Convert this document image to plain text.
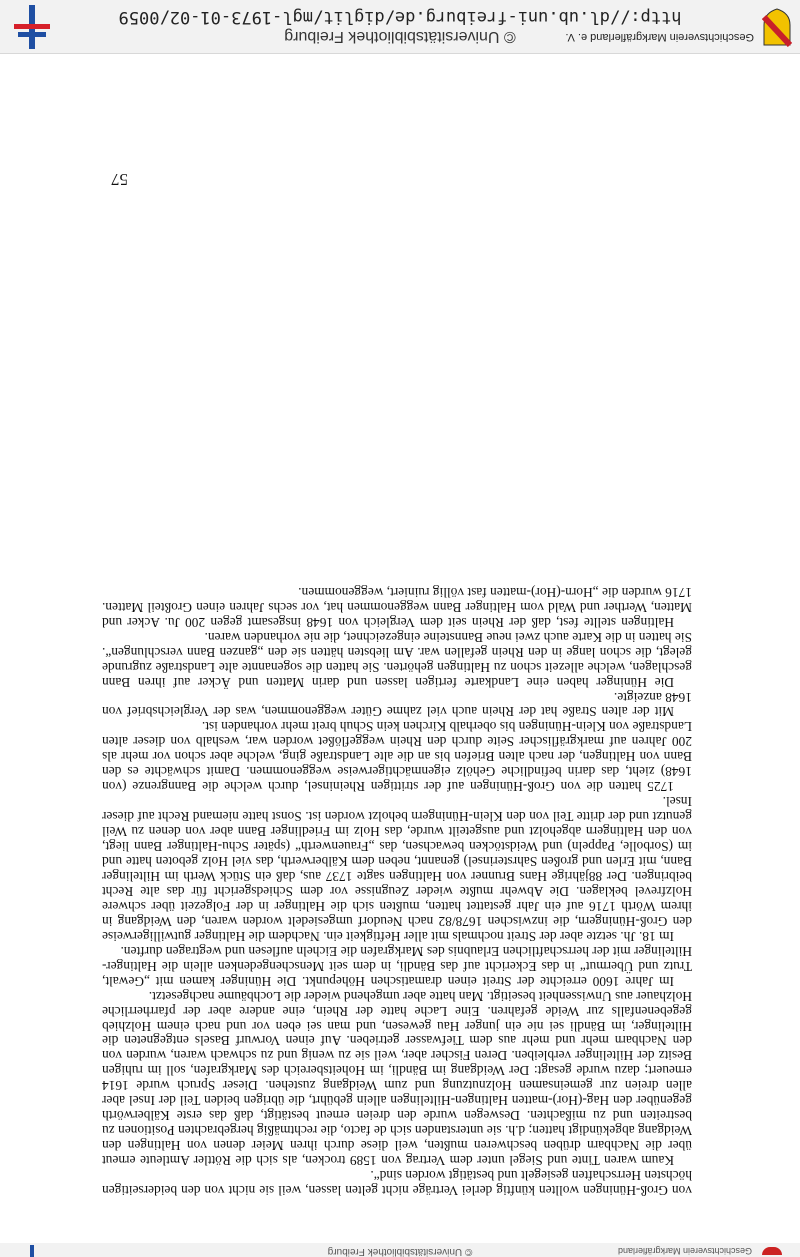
Geschichtsverein Markgräflerland
© Universitätsbibliothek Freiburg

von Groß-Hüningen wollten künftig derlei Verträge nicht gelten lassen, weil sie nicht von den beiderseitigen höchsten Herrschaften gesiegelt und bestätigt worden sind“.

Kaum waren Tinte und Siegel unter dem Vertrag von 1589 trocken, als sich die Röttler Amtleute erneut über die Nachbarn drüben beschweren mußten, weil diese durch ihren Meier denen von Haltingen den Weidgang abgekündigt hatten; d.h. sie unterstanden sich de facto, die rechtmäßig hergebrachten Positionen zu bestreiten und zu mißachten. Deswegen wurde den dreien erneut bestätigt, daß das erste Kälberwörth gegenüber den Hag-(Hor)-matten Haltingen-Hiltelingen allein gebührt, die übrigen beiden Teil der Insel aber allen dreien zur gemeinsamen Holznutzung und zum Weidgang zustehen. Dieser Spruch wurde 1614 erneuert; dazu wurde gesagt: Der Weidgang im Bändli, im Hoheitsbereich des Markgrafen, soll im ruhigen Besitz der Hiltelinger verbleiben. Deren Fischer aber, weil sie zu wenig und zu schwach waren, wurden von den Nachbarn mehr und mehr aus dem Tiefwasser getrieben. Auf einen Vorwurf Basels entgegneten die Hiltelinger, im Bändli sei nie ein junger Hau gewesen, und man sei eben vor und nach einem Holzhieb gegebenenfalls zur Weide gefahren. Eine Lache hatte der Rhein, eine andere aber der pfarrherrliche Holzhauer aus Unwissenheit beseitigt. Man hatte aber umgehend wieder die Lochbäume nachgesetzt.

Im Jahre 1600 erreichte der Streit einen dramatischen Höhepunkt. Die Hüninger kamen mit „Gewalt, Trutz und Übermut“ in das Eckericht auf das Bändli, in dem seit Menschengedenken allein die Haltinger-Hiltelinger mit der herrschaftlichen Erlaubnis des Markgrafen die Eicheln auflesen und wegtragen durften.

Im 18. Jh. setzte aber der Streit nochmals mit aller Heftigkeit ein. Nachdem die Haltinger gutwilligerweise den Groß-Hüningern, die inzwischen 1678/82 nach Neudorf umgesiedelt worden waren, den Weidgang in ihrem Wörth 1716 auf ein Jahr gestattet hatten, mußten sich die Haltinger in der Folgezeit über schwere Holzfrevel beklagen. Die Abwehr mußte wieder Zeugnisse vor dem Schiedsgericht für das alte Recht beibringen. Der 88jährige Hans Brunner von Haltingen sagte 1737 aus, daß ein Stück Werth im Hiltelinger Bann, mit Erlen und großen Sahrsterinsel) genannt, neben dem Kälberwerth, das viel Holz geboten hatte und im (Sorbolle, Pappeln) und Weidstöcken bewachsen, das „Frauenwerth“ (später Schu-Haltinger Bann liegt, von den Haltingern abgeholzt und ausgeteilt wurde, das Holz im Friedlinger Bann aber von denen zu Weil genutzt und der dritte Teil von den Klein-Hüningern beholzt worden ist. Sonst hatte niemand Recht auf dieser Insel.

1725 hatten die von Groß-Hüningen auf der strittigen Rheininsel, durch welche die Banngrenze (von 1648) zieht, das darin befindliche Gehölz eigenmächtigerweise weggenommen. Damit schwächte es den Bann von Haltingen, der nach alten Briefen bis an die alte Landstraße ging, welche aber schon vor mehr als 200 Jahren auf markgräflischer Seite durch den Rhein weggeflößet worden war, weshalb von dieser alten Landstraße von Klein-Hüningen bis oberhalb Kirchen kein Schuh breit mehr vorhanden ist.

Mit der alten Straße hat der Rhein auch viel zahme Güter weggenommen, was der Vergleichsbrief von 1648 anzeigte.

Die Hüninger haben eine Landkarte fertigen lassen und darin Matten und Äcker auf ihren Bann geschlagen, welche allezeit schon zu Haltingen gehörten. Sie hatten die sogenannte alte Landstraße zugrunde gelegt, die schon lange in den Rhein gefallen war. Am liebsten hätten sie den „ganzen Bann verschlungen“. Sie hatten in die Karte auch zwei neue Bannsteine eingezeichnet, die nie vorhanden waren.

Haltingen stellte fest, daß der Rhein seit dem Vergleich von 1648 insgesamt gegen 200 Ju. Acker und Matten, Werther und Wald vom Haltinger Bann weggenommen hat, vor sechs Jahren einen Großteil Matten. 1716 wurden die „Horn-(Hor)-matten fast völlig ruiniert, weggenommen.

57
Geschichtsverein Markgräflerland e. V.
© Universitätsbibliothek Freiburg
http://dl.ub.uni-freiburg.de/diglit/mgl-1973-01-02/0059
